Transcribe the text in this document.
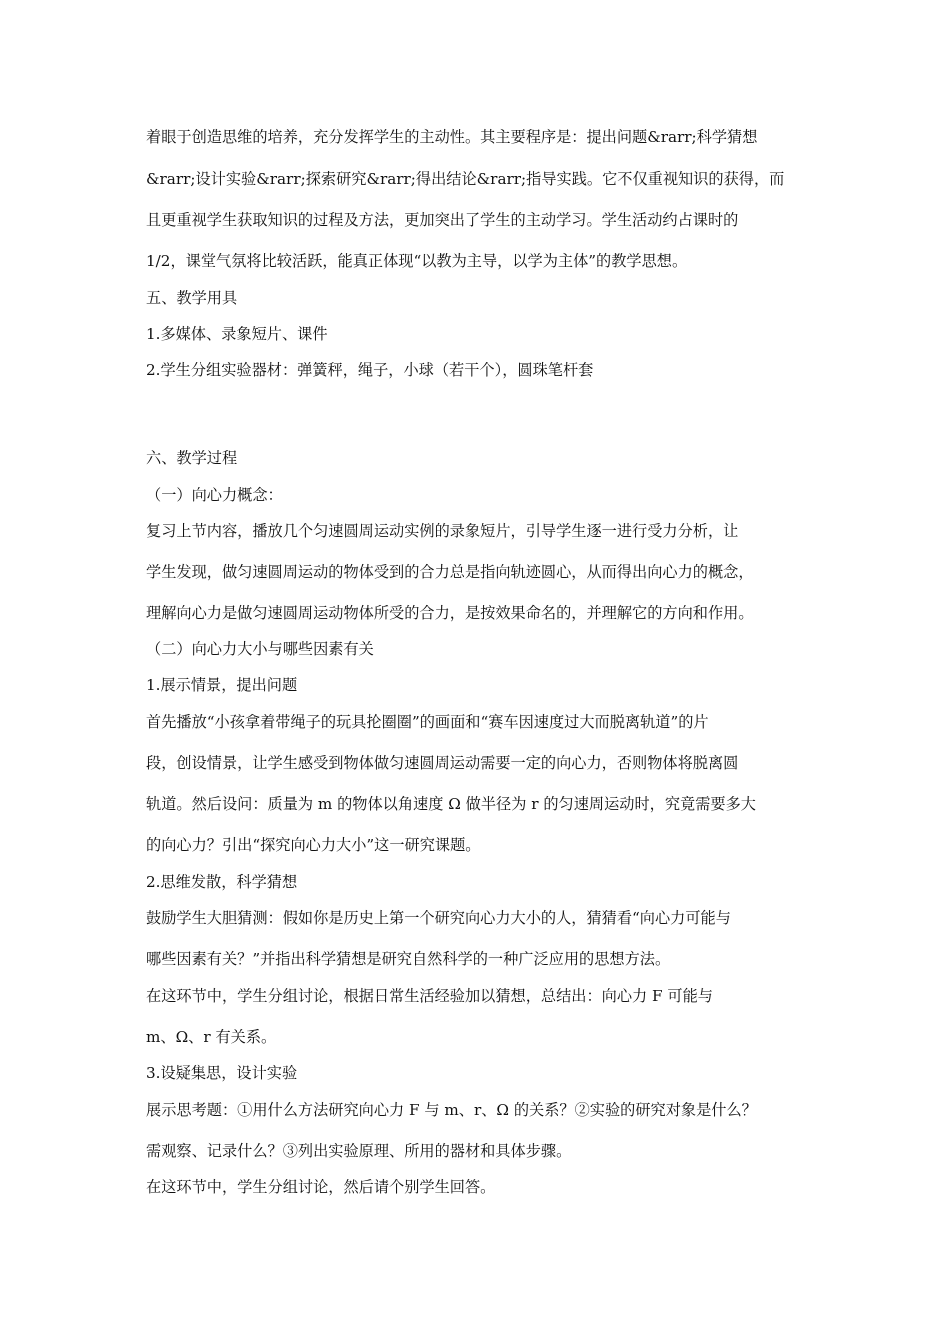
着眼于创造思维的培养，充分发挥学生的主动性。其主要程序是：提出问题&rarr;科学猜想
&rarr;设计实验&rarr;探索研究&rarr;得出结论&rarr;指导实践。它不仅重视知识的获得，而
且更重视学生获取知识的过程及方法，更加突出了学生的主动学习。学生活动约占课时的
1/2，课堂气氛将比较活跃，能真正体现“以教为主导，以学为主体”的教学思想。
五、教学用具
1.多媒体、录象短片、课件
2.学生分组实验器材：弹簧秤，绳子，小球（若干个），圆珠笔杆套
六、教学过程
（一）向心力概念：
复习上节内容，播放几个匀速圆周运动实例的录象短片，引导学生逐一进行受力分析，让
学生发现，做匀速圆周运动的物体受到的合力总是指向轨迹圆心，从而得出向心力的概念，
理解向心力是做匀速圆周运动物体所受的合力，是按效果命名的，并理解它的方向和作用。
（二）向心力大小与哪些因素有关
1.展示情景，提出问题
首先播放“小孩拿着带绳子的玩具抡圈圈”的画面和“赛车因速度过大而脱离轨道”的片
段，创设情景，让学生感受到物体做匀速圆周运动需要一定的向心力，否则物体将脱离圆
轨道。然后设问：质量为 m 的物体以角速度 Ω 做半径为 r 的匀速周运动时，究竟需要多大
的向心力？引出“探究向心力大小”这一研究课题。
2.思维发散，科学猜想
鼓励学生大胆猜测：假如你是历史上第一个研究向心力大小的人，猜猜看“向心力可能与
哪些因素有关？”并指出科学猜想是研究自然科学的一种广泛应用的思想方法。
在这环节中，学生分组讨论，根据日常生活经验加以猜想，总结出：向心力 F 可能与
m、Ω、r 有关系。
3.设疑集思，设计实验
展示思考题：①用什么方法研究向心力 F 与 m、r、Ω 的关系？②实验的研究对象是什么？
需观察、记录什么？③列出实验原理、所用的器材和具体步骤。
在这环节中，学生分组讨论，然后请个别学生回答。
